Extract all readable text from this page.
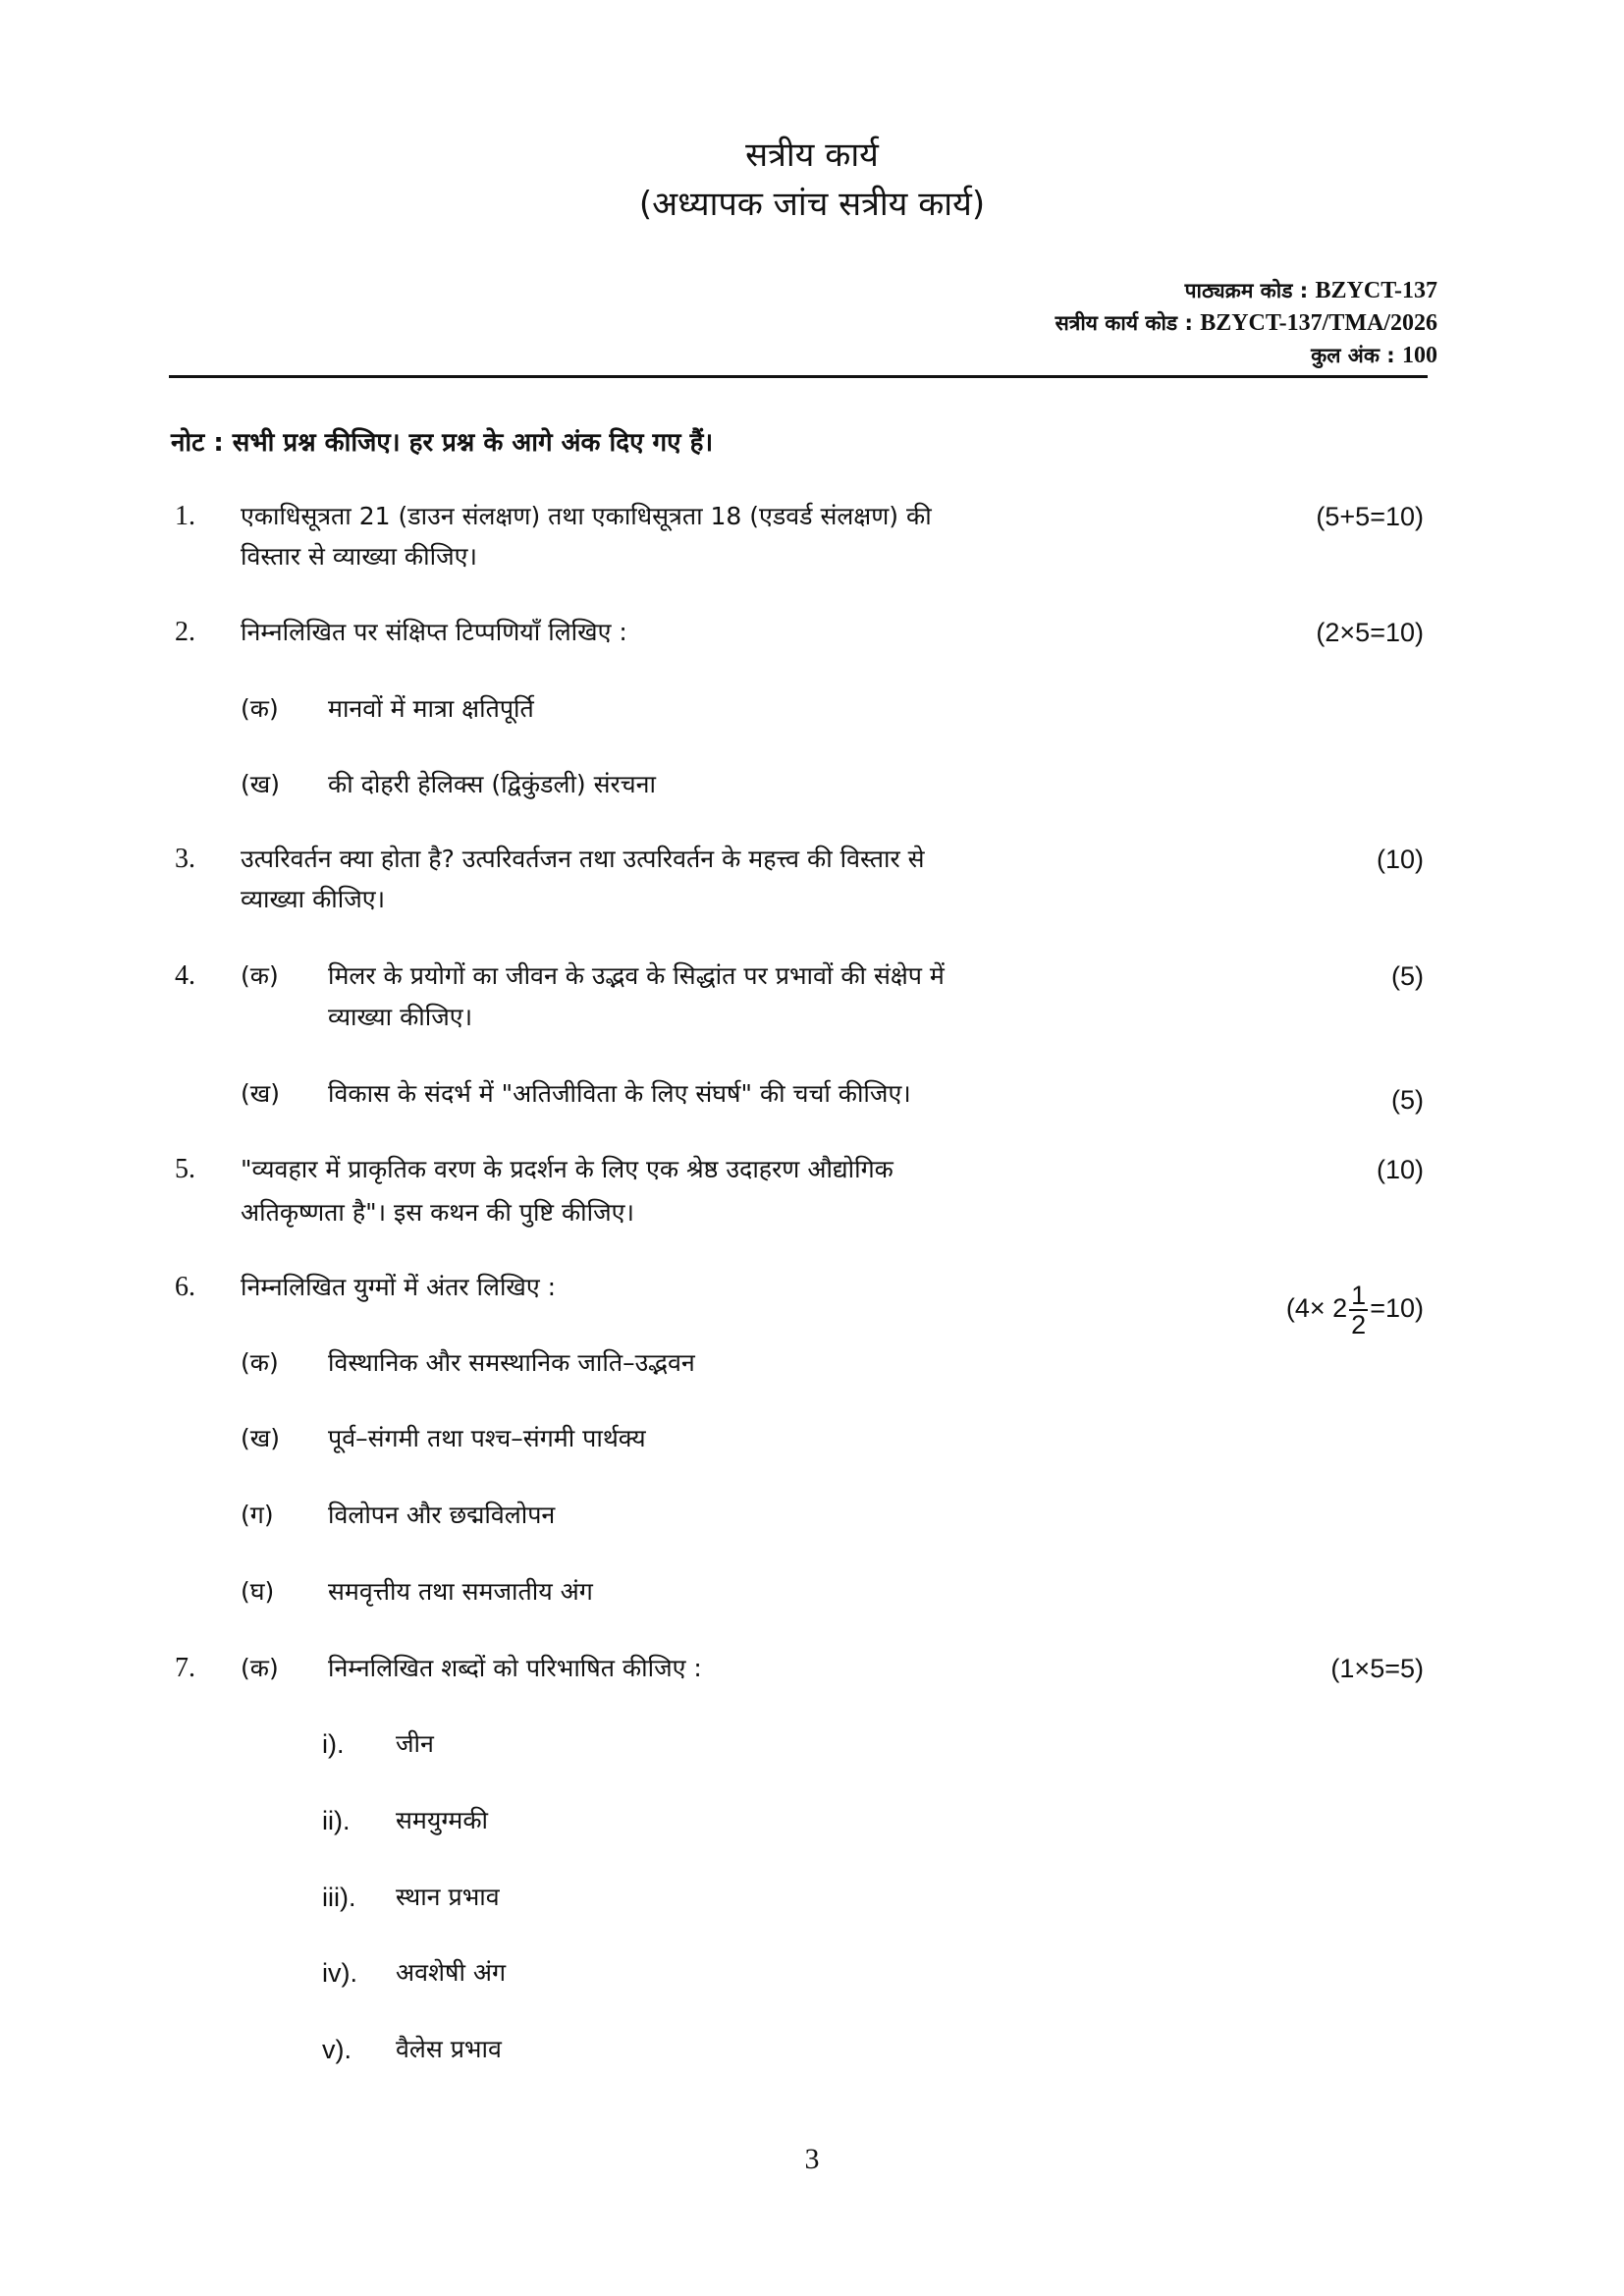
सत्रीय कार्य
(अध्यापक जांच सत्रीय कार्य)
पाठ्यक्रम कोड : BZYCT-137
सत्रीय कार्य कोड : BZYCT-137/TMA/2026
कुल अंक : 100
नोट : सभी प्रश्न कीजिए। हर प्रश्न के आगे अंक दिए गए हैं।
1. एकाधिसूत्रता 21 (डाउन संलक्षण) तथा एकाधिसूत्रता 18 (एडवर्ड संलक्षण) की
विस्तार से व्याख्या कीजिए।
(5+5=10)
2. निम्नलिखित पर संक्षिप्त टिप्पणियाँ लिखिए :	(2×5=10)
(क) मानवों में मात्रा क्षतिपूर्ति
(ख) की दोहरी हेलिक्स (द्विकुंडली) संरचना
3. उत्परिवर्तन क्या होता है? उत्परिवर्तजन तथा उत्परिवर्तन के महत्त्व की विस्तार से
व्याख्या कीजिए।
(10)
4. (क) मिलर के प्रयोगों का जीवन के उद्भव के सिद्धांत पर प्रभावों की संक्षेप में
व्याख्या कीजिए।
(5)
(ख) विकास के संदर्भ में "अतिजीविता के लिए संघर्ष" की चर्चा कीजिए।	(5)
5. "व्यवहार में प्राकृतिक वरण के प्रदर्शन के लिए एक श्रेष्ठ उदाहरण औद्योगिक
अतिकृष्णता है"। इस कथन की पुष्टि कीजिए।
(10)
6. निम्नलिखित युग्मों में अंतर लिखिए :
$(4\times 2 \frac{1}{2} =10)$
(क) विस्थानिक और समस्थानिक जाति–उद्भवन
(ख) पूर्व–संगमी तथा पश्च–संगमी पार्थक्य
(ग) विलोपन और छद्मविलोपन
(घ) समवृत्तीय तथा समजातीय अंग
7. (क) निम्नलिखित शब्दों को परिभाषित कीजिए :	(1×5=5)
i). जीन
ii). समयुग्मकी
iii). स्थान प्रभाव
iv). अवशेषी अंग
v). वैलेस प्रभाव
3
